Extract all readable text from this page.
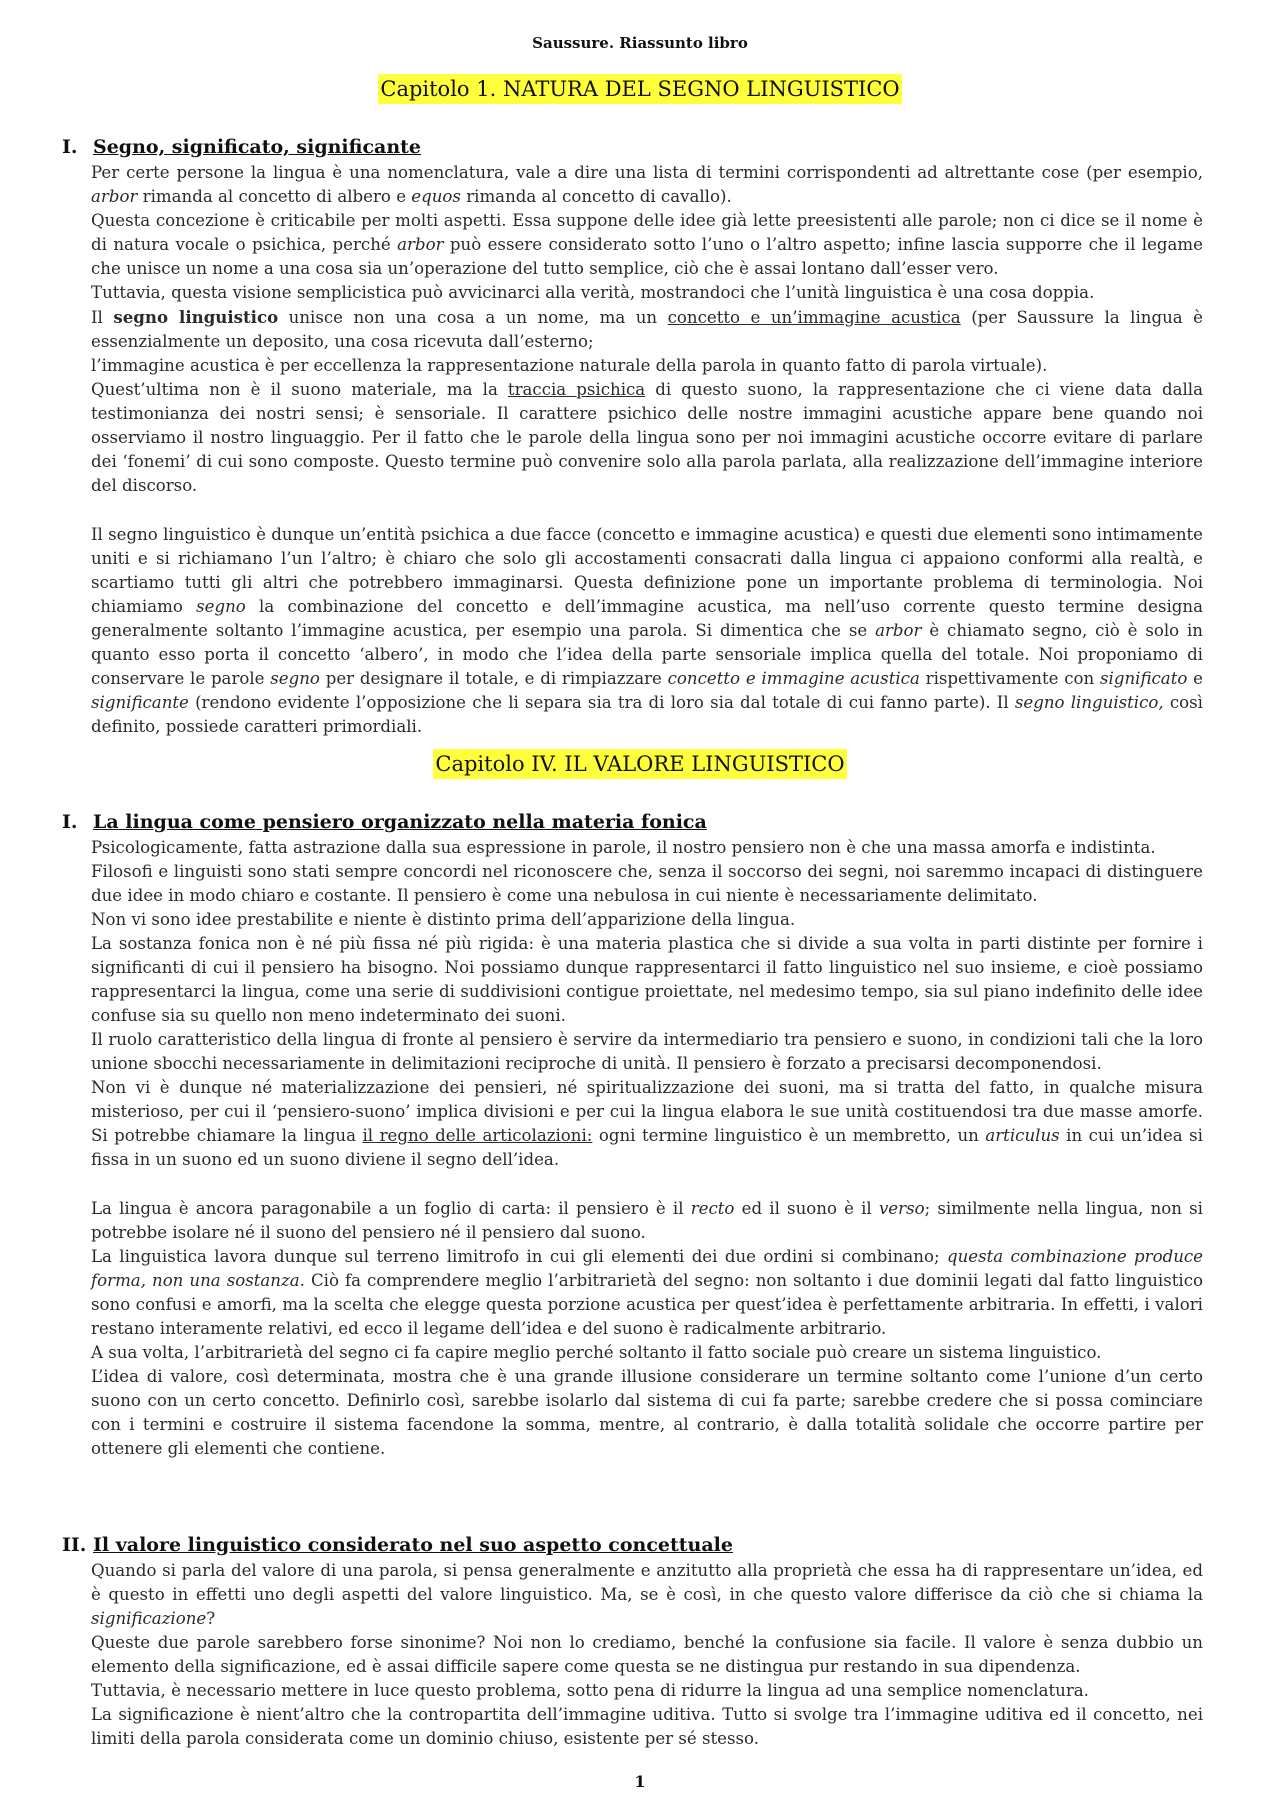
Saussure. Riassunto libro
Capitolo 1. NATURA DEL SEGNO LINGUISTICO
I. Segno, significato, significante

Per certe persone la lingua è una nomenclatura, vale a dire una lista di termini corrispondenti ad altrettante cose (per esempio, arbor rimanda al concetto di albero e equos rimanda al concetto di cavallo).

Questa concezione è criticabile per molti aspetti. Essa suppone delle idee già lette preesistenti alle parole; non ci dice se il nome è di natura vocale o psichica, perché arbor può essere considerato sotto l’uno o l’altro aspetto; infine lascia supporre che il legame che unisce un nome a una cosa sia un’operazione del tutto semplice, ciò che è assai lontano dall’esser vero.

Tuttavia, questa visione semplicistica può avvicinarci alla verità, mostrandoci che l’unità linguistica è una cosa doppia.

Il segno linguistico unisce non una cosa a un nome, ma un concetto e un’immagine acustica (per Saussure la lingua è essenzialmente un deposito, una cosa ricevuta dall’esterno;

l’immagine acustica è per eccellenza la rappresentazione naturale della parola in quanto fatto di parola virtuale).

Quest’ultima non è il suono materiale, ma la traccia psichica di questo suono, la rappresentazione che ci viene data dalla testimonianza dei nostri sensi; è sensoriale. Il carattere psichico delle nostre immagini acustiche appare bene quando noi osserviamo il nostro linguaggio. Per il fatto che le parole della lingua sono per noi immagini acustiche occorre evitare di parlare dei ‘fonemi’ di cui sono composte. Questo termine può convenire solo alla parola parlata, alla realizzazione dell’immagine interiore del discorso.

Il segno linguistico è dunque un’entità psichica a due facce (concetto e immagine acustica) e questi due elementi sono intimamente uniti e si richiamano l’un l’altro; è chiaro che solo gli accostamenti consacrati dalla lingua ci appaiono conformi alla realtà, e scartiamo tutti gli altri che potrebbero immaginarsi. Questa definizione pone un importante problema di terminologia. Noi chiamiamo segno la combinazione del concetto e dell’immagine acustica, ma nell’uso corrente questo termine designa generalmente soltanto l’immagine acustica, per esempio una parola. Si dimentica che se arbor è chiamato segno, ciò è solo in quanto esso porta il concetto ‘albero’, in modo che l’idea della parte sensoriale implica quella del totale. Noi proponiamo di conservare le parole segno per designare il totale, e di rimpiazzare concetto e immagine acustica rispettivamente con significato e significante (rendono evidente l’opposizione che li separa sia tra di loro sia dal totale di cui fanno parte). Il segno linguistico, così definito, possiede caratteri primordiali.

Capitolo IV. IL VALORE LINGUISTICO
I. La lingua come pensiero organizzato nella materia fonica

Psicologicamente, fatta astrazione dalla sua espressione in parole, il nostro pensiero non è che una massa amorfa e indistinta.

Filosofi e linguisti sono stati sempre concordi nel riconoscere che, senza il soccorso dei segni, noi saremmo incapaci di distinguere due idee in modo chiaro e costante. Il pensiero è come una nebulosa in cui niente è necessariamente delimitato.

Non vi sono idee prestabilite e niente è distinto prima dell’apparizione della lingua.

La sostanza fonica non è né più fissa né più rigida: è una materia plastica che si divide a sua volta in parti distinte per fornire i significanti di cui il pensiero ha bisogno. Noi possiamo dunque rappresentarci il fatto linguistico nel suo insieme, e cioè possiamo rappresentarci la lingua, come una serie di suddivisioni contigue proiettate, nel medesimo tempo, sia sul piano indefinito delle idee confuse sia su quello non meno indeterminato dei suoni.

Il ruolo caratteristico della lingua di fronte al pensiero è servire da intermediario tra pensiero e suono, in condizioni tali che la loro unione sbocchi necessariamente in delimitazioni reciproche di unità. Il pensiero è forzato a precisarsi decomponendosi.

Non vi è dunque né materializzazione dei pensieri, né spiritualizzazione dei suoni, ma si tratta del fatto, in qualche misura misterioso, per cui il ‘pensiero-suono’ implica divisioni e per cui la lingua elabora le sue unità costituendosi tra due masse amorfe. Si potrebbe chiamare la lingua il regno delle articolazioni: ogni termine linguistico è un membretto, un articulus in cui un’idea si fissa in un suono ed un suono diviene il segno dell’idea.

La lingua è ancora paragonabile a un foglio di carta: il pensiero è il recto ed il suono è il verso; similmente nella lingua, non si potrebbe isolare né il suono del pensiero né il pensiero dal suono.

La linguistica lavora dunque sul terreno limitrofo in cui gli elementi dei due ordini si combinano; questa combinazione produce forma, non una sostanza. Ciò fa comprendere meglio l’arbitrarietà del segno: non soltanto i due dominii legati dal fatto linguistico sono confusi e amorfi, ma la scelta che elegge questa porzione acustica per quest’idea è perfettamente arbitraria. In effetti, i valori restano interamente relativi, ed ecco il legame dell’idea e del suono è radicalmente arbitrario.

A sua volta, l’arbitrarietà del segno ci fa capire meglio perché soltanto il fatto sociale può creare un sistema linguistico.

L’idea di valore, così determinata, mostra che è una grande illusione considerare un termine soltanto come l’unione d’un certo suono con un certo concetto. Definirlo così, sarebbe isolarlo dal sistema di cui fa parte; sarebbe credere che si possa cominciare con i termini e costruire il sistema facendone la somma, mentre, al contrario, è dalla totalità solidale che occorre partire per ottenere gli elementi che contiene.

II. Il valore linguistico considerato nel suo aspetto concettuale

Quando si parla del valore di una parola, si pensa generalmente e anzitutto alla proprietà che essa ha di rappresentare un’idea, ed è questo in effetti uno degli aspetti del valore linguistico. Ma, se è così, in che questo valore differisce da ciò che si chiama la significazione?

Queste due parole sarebbero forse sinonime? Noi non lo crediamo, benché la confusione sia facile. Il valore è senza dubbio un elemento della significazione, ed è assai difficile sapere come questa se ne distingua pur restando in sua dipendenza.

Tuttavia, è necessario mettere in luce questo problema, sotto pena di ridurre la lingua ad una semplice nomenclatura.

La significazione è nient’altro che la contropartita dell’immagine uditiva. Tutto si svolge tra l’immagine uditiva ed il concetto, nei limiti della parola considerata come un dominio chiuso, esistente per sé stesso.

1
